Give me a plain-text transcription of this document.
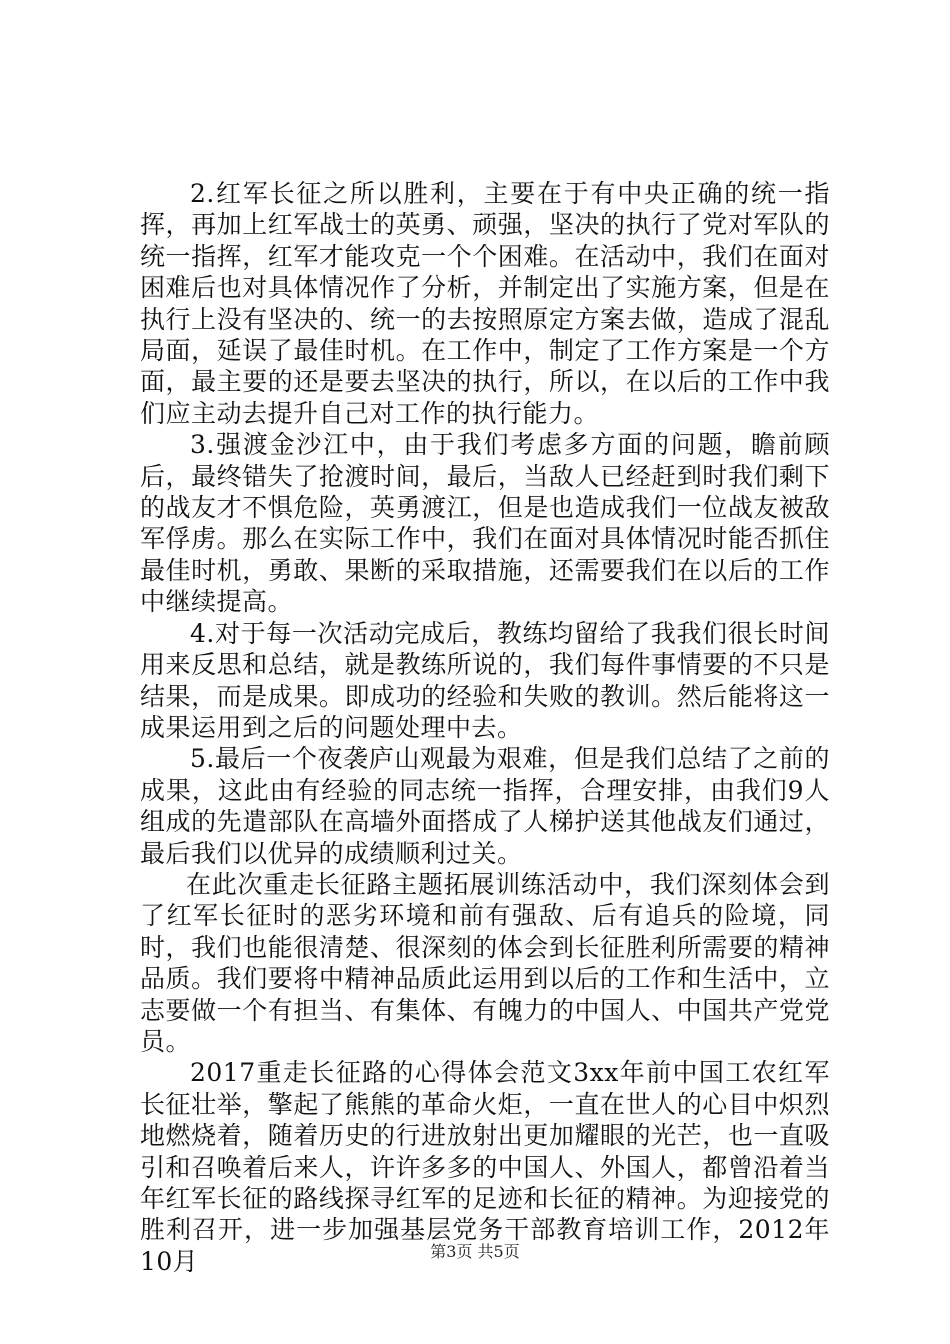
2.红军长征之所以胜利，主要在于有中央正确的统一指挥，再加上红军战士的英勇、顽强，坚决的执行了党对军队的统一指挥，红军才能攻克一个个困难。在活动中，我们在面对困难后也对具体情况作了分析，并制定出了实施方案，但是在执行上没有坚决的、统一的去按照原定方案去做，造成了混乱局面，延误了最佳时机。在工作中，制定了工作方案是一个方面，最主要的还是要去坚决的执行，所以，在以后的工作中我们应主动去提升自己对工作的执行能力。

3.强渡金沙江中，由于我们考虑多方面的问题，瞻前顾后，最终错失了抢渡时间，最后，当敌人已经赶到时我们剩下的战友才不惧危险，英勇渡江，但是也造成我们一位战友被敌军俘虏。那么在实际工作中，我们在面对具体情况时能否抓住最佳时机，勇敢、果断的采取措施，还需要我们在以后的工作中继续提高。

4.对于每一次活动完成后，教练均留给了我我们很长时间用来反思和总结，就是教练所说的，我们每件事情要的不只是结果，而是成果。即成功的经验和失败的教训。然后能将这一成果运用到之后的问题处理中去。

5.最后一个夜袭庐山观最为艰难，但是我们总结了之前的成果，这此由有经验的同志统一指挥，合理安排，由我们9人组成的先遣部队在高墙外面搭成了人梯护送其他战友们通过，最后我们以优异的成绩顺利过关。

在此次重走长征路主题拓展训练活动中，我们深刻体会到了红军长征时的恶劣环境和前有强敌、后有追兵的险境，同时，我们也能很清楚、很深刻的体会到长征胜利所需要的精神品质。我们要将中精神品质此运用到以后的工作和生活中，立志要做一个有担当、有集体、有魄力的中国人、中国共产党党员。

2017重走长征路的心得体会范文3xx年前中国工农红军长征壮举，擎起了熊熊的革命火炬，一直在世人的心目中炽烈地燃烧着，随着历史的行进放射出更加耀眼的光芒，也一直吸引和召唤着后来人，许许多多的中国人、外国人，都曾沿着当年红军长征的路线探寻红军的足迹和长征的精神。为迎接党的胜利召开，进一步加强基层党务干部教育培训工作，2012年10月	第3页 共5页
